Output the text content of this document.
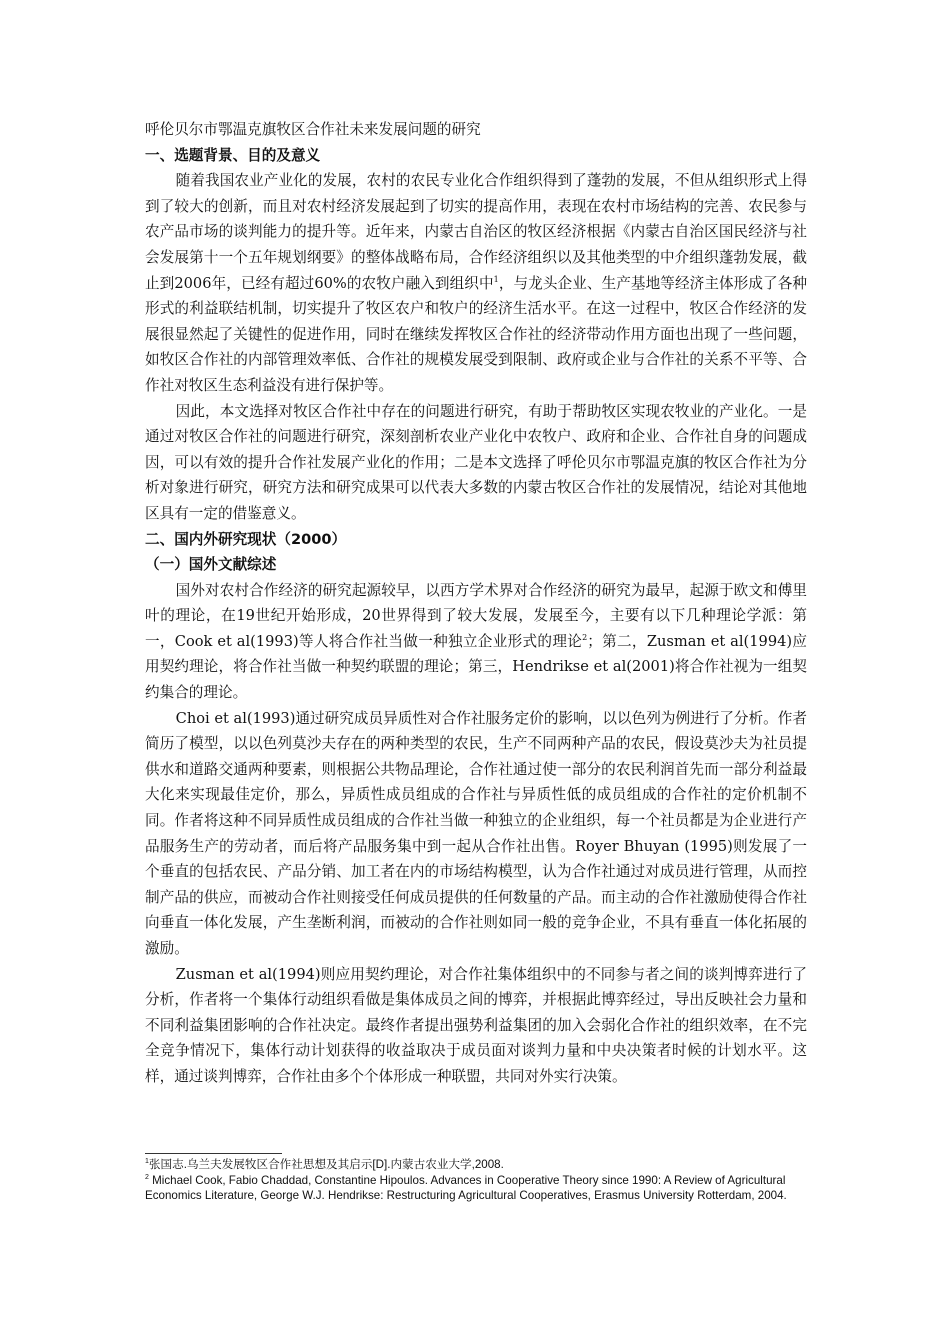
呼伦贝尔市鄂温克旗牧区合作社未来发展问题的研究

一、选题背景、目的及意义

随着我国农业产业化的发展，农村的农民专业化合作组织得到了蓬勃的发展，不但从组织形式上得到了较大的创新，而且对农村经济发展起到了切实的提高作用，表现在农村市场结构的完善、农民参与农产品市场的谈判能力的提升等。近年来，内蒙古自治区的牧区经济根据《内蒙古自治区国民经济与社会发展第十一个五年规划纲要》的整体战略布局，合作经济组织以及其他类型的中介组织蓬勃发展，截止到2006年，已经有超过60%的农牧户融入到组织中$^1$，与龙头企业、生产基地等经济主体形成了各种形式的利益联结机制，切实提升了牧区农户和牧户的经济生活水平。在这一过程中，牧区合作经济的发展很显然起了关键性的促进作用，同时在继续发挥牧区合作社的经济带动作用方面也出现了一些问题，如牧区合作社的内部管理效率低、合作社的规模发展受到限制、政府或企业与合作社的关系不平等、合作社对牧区生态利益没有进行保护等。

因此，本文选择对牧区合作社中存在的问题进行研究，有助于帮助牧区实现农牧业的产业化。一是通过对牧区合作社的问题进行研究，深刻剖析农业产业化中农牧户、政府和企业、合作社自身的问题成因，可以有效的提升合作社发展产业化的作用；二是本文选择了呼伦贝尔市鄂温克旗的牧区合作社为分析对象进行研究，研究方法和研究成果可以代表大多数的内蒙古牧区合作社的发展情况，结论对其他地区具有一定的借鉴意义。

二、国内外研究现状（2000）

（一）国外文献综述

国外对农村合作经济的研究起源较早，以西方学术界对合作经济的研究为最早，起源于欧文和傅里叶的理论，在19世纪开始形成，20世界得到了较大发展，发展至今，主要有以下几种理论学派：第一，Cook et al(1993)等人将合作社当做一种独立企业形式的理论$^2$；第二，Zusman et al(1994)应用契约理论，将合作社当做一种契约联盟的理论；第三，Hendrikse et al(2001)将合作社视为一组契约集合的理论。

Choi et al(1993)通过研究成员异质性对合作社服务定价的影响，以以色列为例进行了分析。作者简历了模型，以以色列莫沙夫存在的两种类型的农民，生产不同两种产品的农民，假设莫沙夫为社员提供水和道路交通两种要素，则根据公共物品理论，合作社通过使一部分的农民利润首先而一部分利益最大化来实现最佳定价，那么，异质性成员组成的合作社与异质性低的成员组成的合作社的定价机制不同。作者将这种不同异质性成员组成的合作社当做一种独立的企业组织，每一个社员都是为企业进行产品服务生产的劳动者，而后将产品服务集中到一起从合作社出售。Royer Bhuyan (1995)则发展了一个垂直的包括农民、产品分销、加工者在内的市场结构模型，认为合作社通过对成员进行管理，从而控制产品的供应，而被动合作社则接受任何成员提供的任何数量的产品。而主动的合作社激励使得合作社向垂直一体化发展，产生垄断利润，而被动的合作社则如同一般的竞争企业，不具有垂直一体化拓展的激励。

Zusman et al(1994)则应用契约理论，对合作社集体组织中的不同参与者之间的谈判博弈进行了分析，作者将一个集体行动组织看做是集体成员之间的博弈，并根据此博弈经过，导出反映社会力量和不同利益集团影响的合作社决定。最终作者提出强势利益集团的加入会弱化合作社的组织效率，在不完全竞争情况下，集体行动计划获得的收益取决于成员面对谈判力量和中央决策者时候的计划水平。这样，通过谈判博弈，合作社由多个个体形成一种联盟，共同对外实行决策。

$^1$张国志.乌兰夫发展牧区合作社思想及其启示[D].内蒙古农业大学,2008.

$^2$ Michael Cook, Fabio Chaddad, Constantine Hipoulos. Advances in Cooperative Theory since 1990: A Review of Agricultural Economics Literature, George W.J. Hendrikse: Restructuring Agricultural Cooperatives, Erasmus University Rotterdam, 2004.
